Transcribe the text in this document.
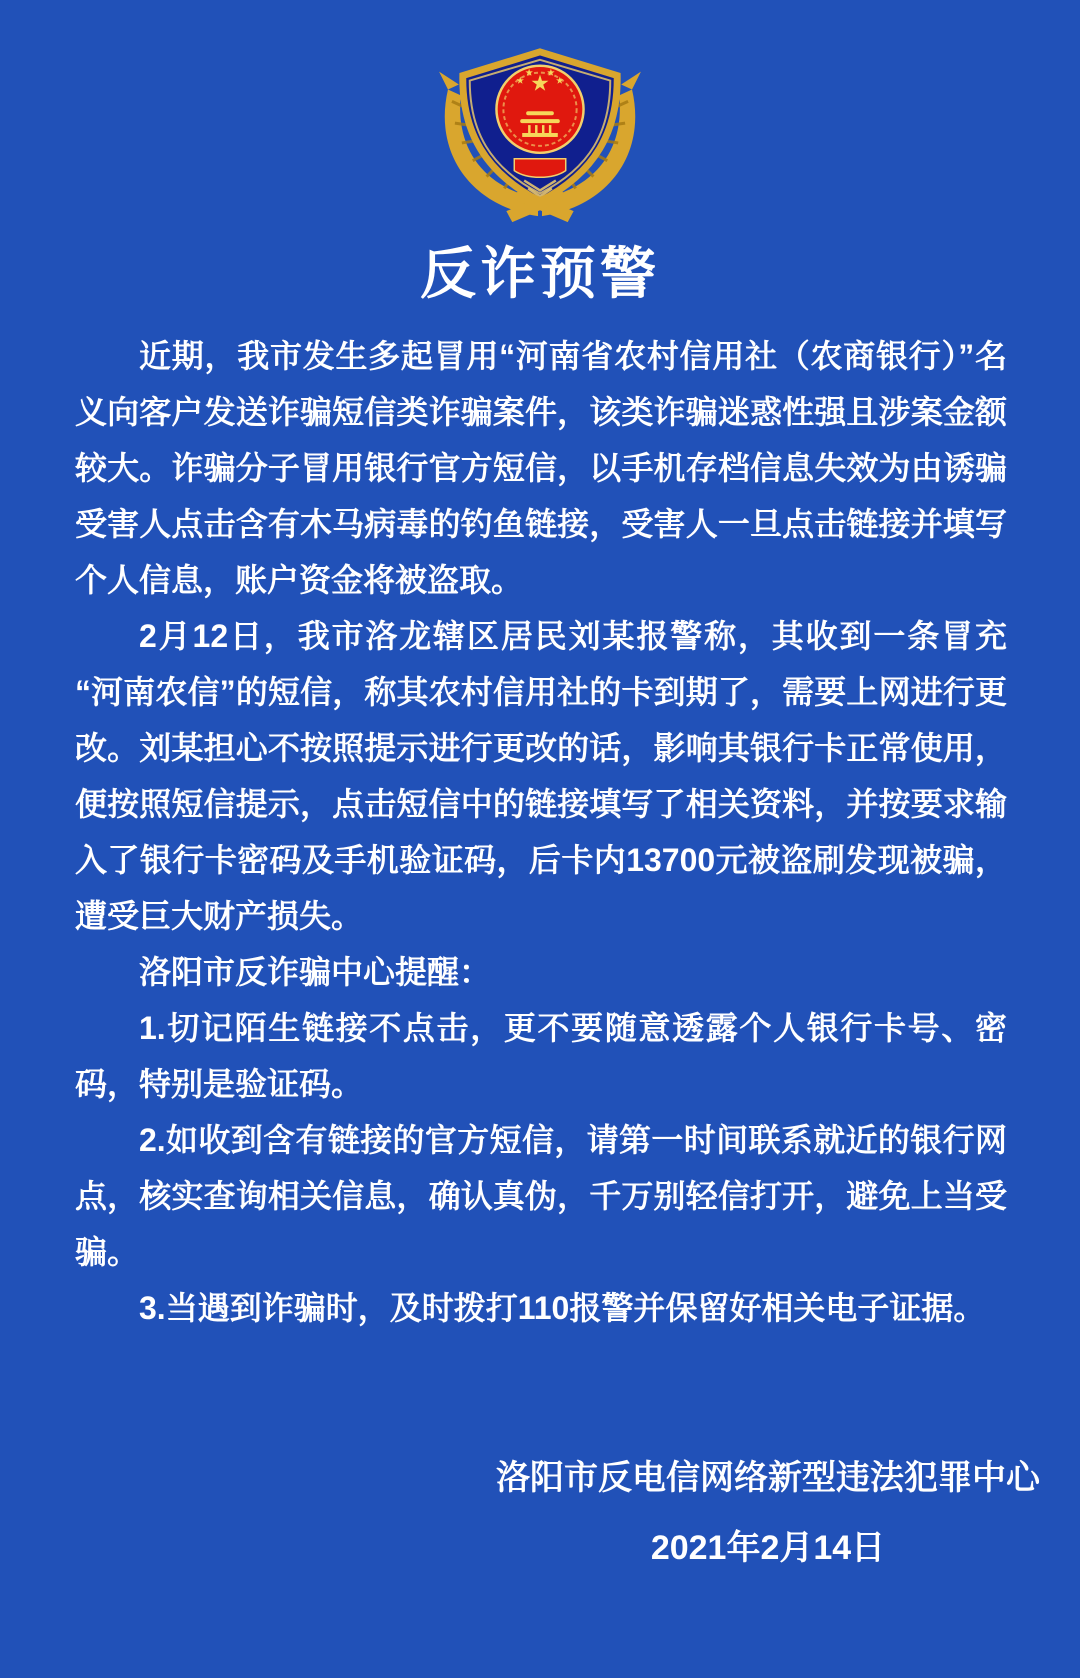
反诈预警

近期，我市发生多起冒用“河南省农村信用社（农商银行）”名义向客户发送诈骗短信类诈骗案件，该类诈骗迷惑性强且涉案金额较大。诈骗分子冒用银行官方短信，以手机存档信息失效为由诱骗受害人点击含有木马病毒的钓鱼链接，受害人一旦点击链接并填写个人信息，账户资金将被盗取。

2月12日，我市洛龙辖区居民刘某报警称，其收到一条冒充“河南农信”的短信，称其农村信用社的卡到期了，需要上网进行更改。刘某担心不按照提示进行更改的话，影响其银行卡正常使用，便按照短信提示，点击短信中的链接填写了相关资料，并按要求输入了银行卡密码及手机验证码，后卡内13700元被盗刷发现被骗，遭受巨大财产损失。

洛阳市反诈骗中心提醒：

1.切记陌生链接不点击，更不要随意透露个人银行卡号、密码，特别是验证码。

2.如收到含有链接的官方短信，请第一时间联系就近的银行网点，核实查询相关信息，确认真伪，千万别轻信打开，避免上当受骗。

3.当遇到诈骗时，及时拨打110报警并保留好相关电子证据。

洛阳市反电信网络新型违法犯罪中心
2021年2月14日
